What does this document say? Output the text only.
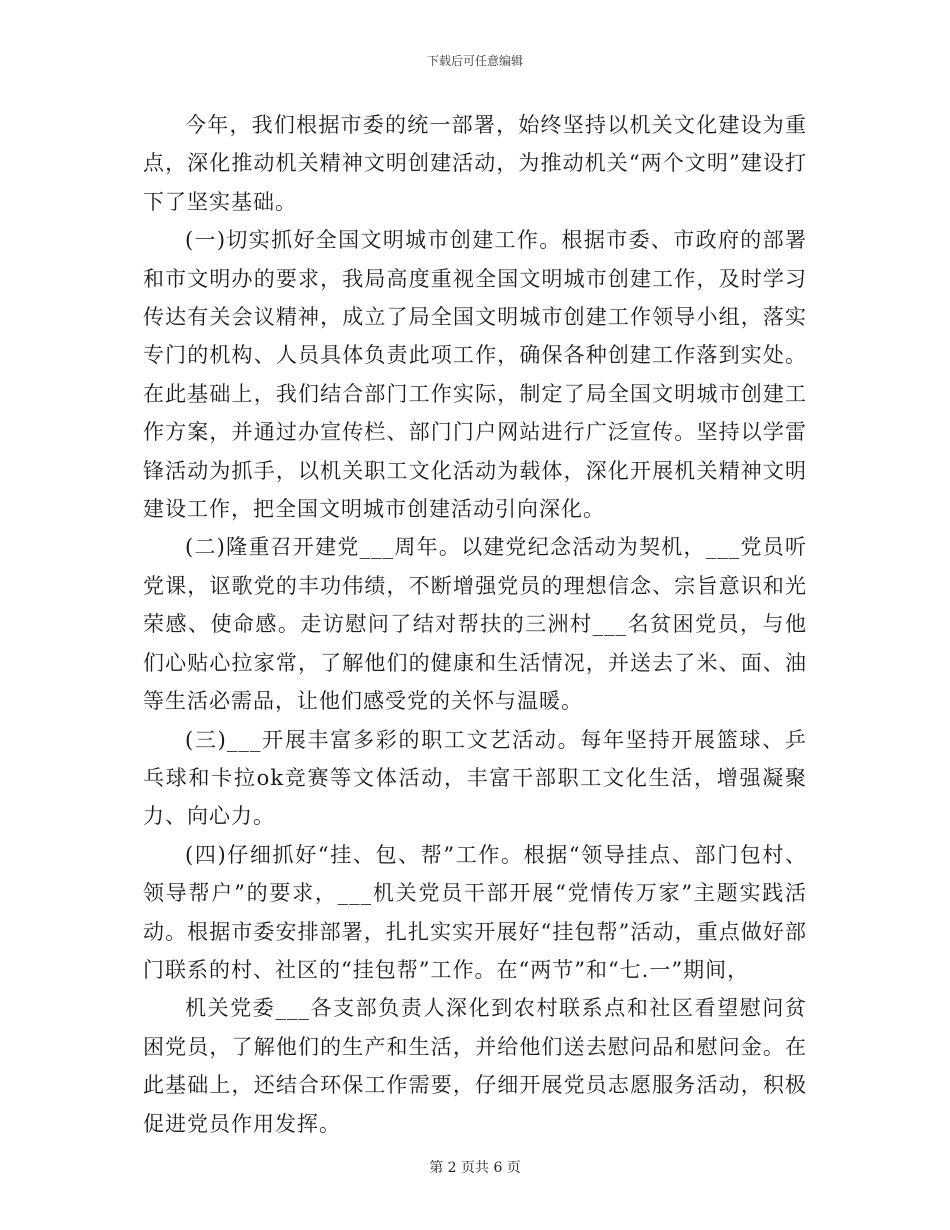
下载后可任意编辑

今年，我们根据市委的统一部署，始终坚持以机关文化建设为重点，深化推动机关精神文明创建活动，为推动机关“两个文明”建设打下了坚实基础。

(一)切实抓好全国文明城市创建工作。根据市委、市政府的部署和市文明办的要求，我局高度重视全国文明城市创建工作，及时学习传达有关会议精神，成立了局全国文明城市创建工作领导小组，落实专门的机构、人员具体负责此项工作，确保各种创建工作落到实处。在此基础上，我们结合部门工作实际，制定了局全国文明城市创建工作方案，并通过办宣传栏、部门门户网站进行广泛宣传。坚持以学雷锋活动为抓手，以机关职工文化活动为载体，深化开展机关精神文明建设工作，把全国文明城市创建活动引向深化。

(二)隆重召开建党___周年。以建党纪念活动为契机，___党员听党课，讴歌党的丰功伟绩，不断增强党员的理想信念、宗旨意识和光荣感、使命感。走访慰问了结对帮扶的三洲村___名贫困党员，与他们心贴心拉家常，了解他们的健康和生活情况，并送去了米、面、油等生活必需品，让他们感受党的关怀与温暖。

(三)___开展丰富多彩的职工文艺活动。每年坚持开展篮球、乒乓球和卡拉ok竞赛等文体活动，丰富干部职工文化生活，增强凝聚力、向心力。

(四)仔细抓好“挂、包、帮”工作。根据“领导挂点、部门包村、领导帮户”的要求，___机关党员干部开展“党情传万家”主题实践活动。根据市委安排部署，扎扎实实开展好“挂包帮”活动，重点做好部门联系的村、社区的“挂包帮”工作。在“两节”和“七.一”期间，

机关党委___各支部负责人深化到农村联系点和社区看望慰问贫困党员，了解他们的生产和生活，并给他们送去慰问品和慰问金。在此基础上，还结合环保工作需要，仔细开展党员志愿服务活动，积极促进党员作用发挥。

第 2 页共 6 页
